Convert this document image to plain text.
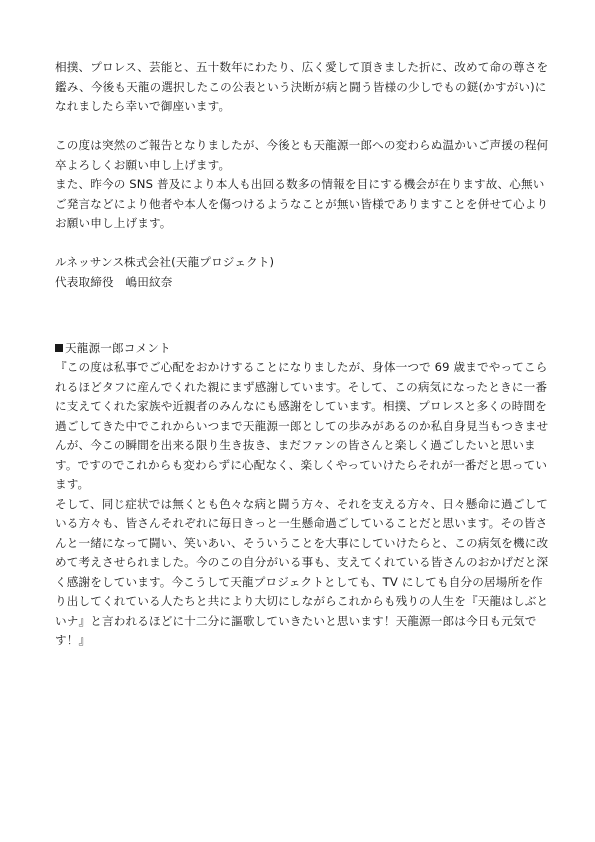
相撲、プロレス、芸能と、五十数年にわたり、広く愛して頂きました折に、改めて命の尊さを
鑑み、今後も天龍の選択したこの公表という決断が病と闘う皆様の少しでもの鎹(かすがい)に
なれましたら幸いで御座います。
この度は突然のご報告となりましたが、今後とも天龍源一郎への変わらぬ温かいご声援の程何
卒よろしくお願い申し上げます。
また、昨今の SNS 普及により本人も出回る数多の情報を目にする機会が在ります故、心無い
ご発言などにより他者や本人を傷つけるようなことが無い皆様でありますことを併せて心より
お願い申し上げます。
ルネッサンス株式会社(天龍プロジェクト)
代表取締役　嶋田紋奈
天龍源一郎コメント
『この度は私事でご心配をおかけすることになりましたが、身体一つで 69 歳までやってこら
れるほどタフに産んでくれた親にまず感謝しています。そして、この病気になったときに一番
に支えてくれた家族や近親者のみんなにも感謝をしています。相撲、プロレスと多くの時間を
過ごしてきた中でこれからいつまで天龍源一郎としての歩みがあるのか私自身見当もつきませ
んが、今この瞬間を出来る限り生き抜き、まだファンの皆さんと楽しく過ごしたいと思いま
す。ですのでこれからも変わらずに心配なく、楽しくやっていけたらそれが一番だと思ってい
ます。
そして、同じ症状では無くとも色々な病と闘う方々、それを支える方々、日々懸命に過ごして
いる方々も、皆さんそれぞれに毎日きっと一生懸命過ごしていることだと思います。その皆さ
んと一緒になって闘い、笑いあい、そういうことを大事にしていけたらと、この病気を機に改
めて考えさせられました。今のこの自分がいる事も、支えてくれている皆さんのおかげだと深
く感謝をしています。今こうして天龍プロジェクトとしても、TV にしても自分の居場所を作
り出してくれている人たちと共により大切にしながらこれからも残りの人生を『天龍はしぶと
いナ』と言われるほどに十二分に謳歌していきたいと思います！天龍源一郎は今日も元気で
す！』
